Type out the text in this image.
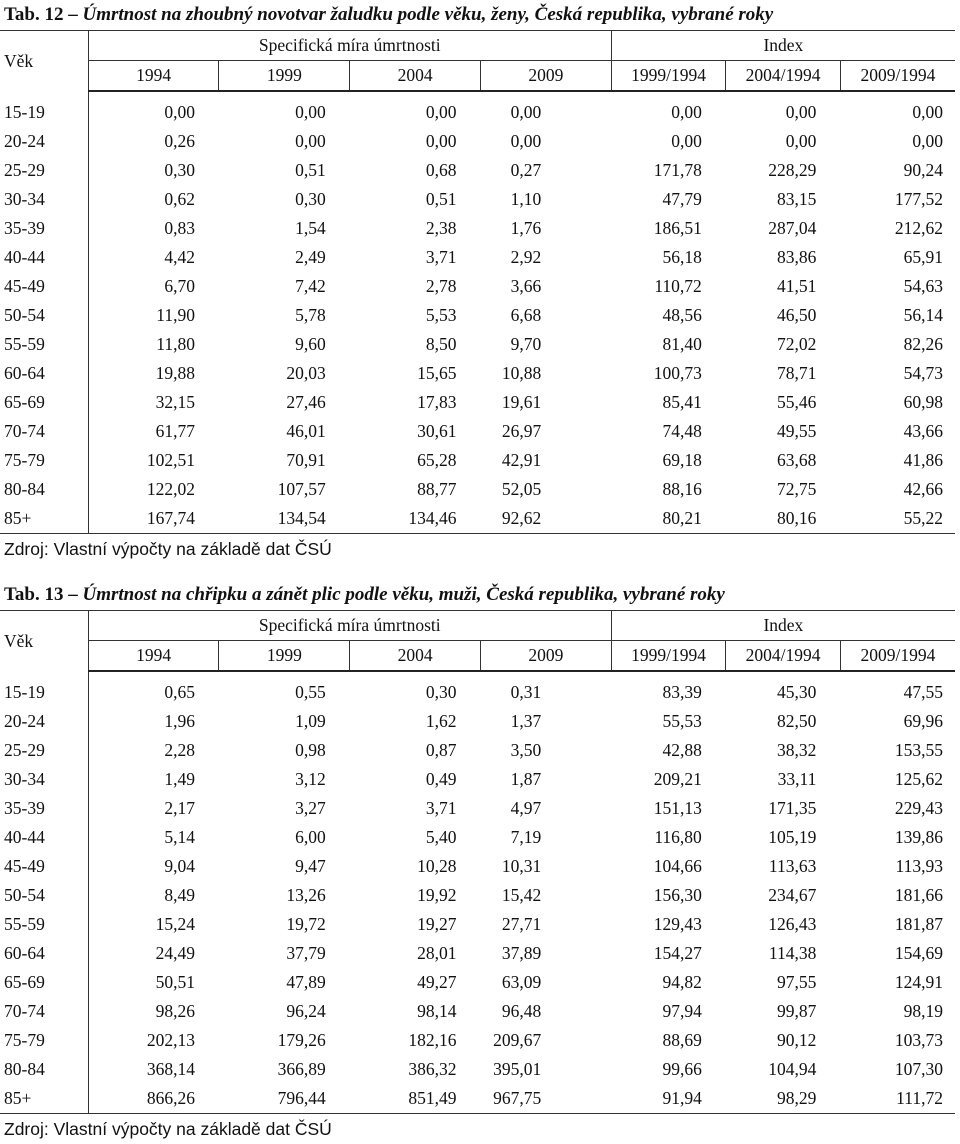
Tab. 12 – Úmrtnost na zhoubný novotvar žaludku podle věku, ženy, Česká republika, vybrané roky
Věk	Specifická míra úmrtnosti				Index		
	1994	1999	2004	2009	1999/1994	2004/1994	2009/1994
15-19	0,00	0,00	0,00	0,00	0,00	0,00	0,00
20-24	0,26	0,00	0,00	0,00	0,00	0,00	0,00
25-29	0,30	0,51	0,68	0,27	171,78	228,29	90,24
30-34	0,62	0,30	0,51	1,10	47,79	83,15	177,52
35-39	0,83	1,54	2,38	1,76	186,51	287,04	212,62
40-44	4,42	2,49	3,71	2,92	56,18	83,86	65,91
45-49	6,70	7,42	2,78	3,66	110,72	41,51	54,63
50-54	11,90	5,78	5,53	6,68	48,56	46,50	56,14
55-59	11,80	9,60	8,50	9,70	81,40	72,02	82,26
60-64	19,88	20,03	15,65	10,88	100,73	78,71	54,73
65-69	32,15	27,46	17,83	19,61	85,41	55,46	60,98
70-74	61,77	46,01	30,61	26,97	74,48	49,55	43,66
75-79	102,51	70,91	65,28	42,91	69,18	63,68	41,86
80-84	122,02	107,57	88,77	52,05	88,16	72,75	42,66
85+	167,74	134,54	134,46	92,62	80,21	80,16	55,22
Zdroj: Vlastní výpočty na základě dat ČSÚ
Tab. 13 – Úmrtnost na chřipku a zánět plic podle věku, muži, Česká republika, vybrané roky
Věk	Specifická míra úmrtnosti				Index		
	1994	1999	2004	2009	1999/1994	2004/1994	2009/1994
15-19	0,65	0,55	0,30	0,31	83,39	45,30	47,55
20-24	1,96	1,09	1,62	1,37	55,53	82,50	69,96
25-29	2,28	0,98	0,87	3,50	42,88	38,32	153,55
30-34	1,49	3,12	0,49	1,87	209,21	33,11	125,62
35-39	2,17	3,27	3,71	4,97	151,13	171,35	229,43
40-44	5,14	6,00	5,40	7,19	116,80	105,19	139,86
45-49	9,04	9,47	10,28	10,31	104,66	113,63	113,93
50-54	8,49	13,26	19,92	15,42	156,30	234,67	181,66
55-59	15,24	19,72	19,27	27,71	129,43	126,43	181,87
60-64	24,49	37,79	28,01	37,89	154,27	114,38	154,69
65-69	50,51	47,89	49,27	63,09	94,82	97,55	124,91
70-74	98,26	96,24	98,14	96,48	97,94	99,87	98,19
75-79	202,13	179,26	182,16	209,67	88,69	90,12	103,73
80-84	368,14	366,89	386,32	395,01	99,66	104,94	107,30
85+	866,26	796,44	851,49	967,75	91,94	98,29	111,72
Zdroj: Vlastní výpočty na základě dat ČSÚ
